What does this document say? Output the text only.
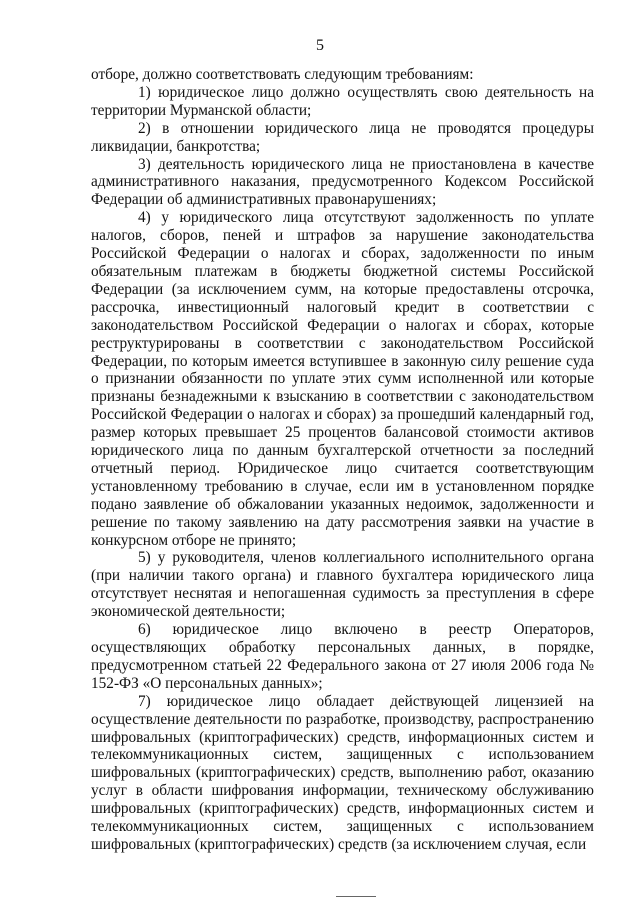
5

отборе, должно соответствовать следующим требованиям:

1) юридическое лицо должно осуществлять свою деятельность на территории Мурманской области;

2) в отношении юридического лица не проводятся процедуры ликвидации, банкротства;

3) деятельность юридического лица не приостановлена в качестве административного наказания, предусмотренного Кодексом Российской Федерации об административных правонарушениях;

4) у юридического лица отсутствуют задолженность по уплате налогов, сборов, пеней и штрафов за нарушение законодательства Российской Федерации о налогах и сборах, задолженности по иным обязательным платежам в бюджеты бюджетной системы Российской Федерации (за исключением сумм, на которые предоставлены отсрочка, рассрочка, инвестиционный налоговый кредит в соответствии с законодательством Российской Федерации о налогах и сборах, которые реструктурированы в соответствии с законодательством Российской Федерации, по которым имеется вступившее в законную силу решение суда о признании обязанности по уплате этих сумм исполненной или которые признаны безнадежными к взысканию в соответствии с законодательством Российской Федерации о налогах и сборах) за прошедший календарный год, размер которых превышает 25 процентов балансовой стоимости активов юридического лица по данным бухгалтерской отчетности за последний отчетный период. Юридическое лицо считается соответствующим установленному требованию в случае, если им в установленном порядке подано заявление об обжаловании указанных недоимок, задолженности и решение по такому заявлению на дату рассмотрения заявки на участие в конкурсном отборе не принято;

5) у руководителя, членов коллегиального исполнительного органа (при наличии такого органа) и главного бухгалтера юридического лица отсутствует неснятая и непогашенная судимость за преступления в сфере экономической деятельности;

6) юридическое лицо включено в реестр Операторов, осуществляющих обработку персональных данных, в порядке, предусмотренном статьей 22 Федерального закона от 27 июля 2006 года № 152-ФЗ «О персональных данных»;

7) юридическое лицо обладает действующей лицензией на осуществление деятельности по разработке, производству, распространению шифровальных (криптографических) средств, информационных систем и телекоммуникационных систем, защищенных с использованием шифровальных (криптографических) средств, выполнению работ, оказанию услуг в области шифрования информации, техническому обслуживанию шифровальных (криптографических) средств, информационных систем и телекоммуникационных систем, защищенных с использованием шифровальных (криптографических) средств (за исключением случая, если
